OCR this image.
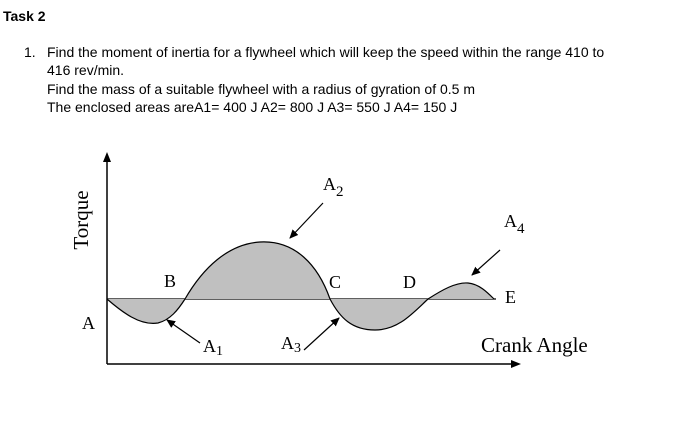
Task 2
1. Find the moment of inertia for a flywheel which will keep the speed within the range 410 to
416 rev/min.
Find the mass of a suitable flywheel with a radius of gyration of 0.5 m
The enclosed areas areA1= 400 J A2= 800 J A3= 550 J A4= 150 J
Torque
Crank Angle
A
B	C	D
E
A1
$A_2$
A3
$A_4$
